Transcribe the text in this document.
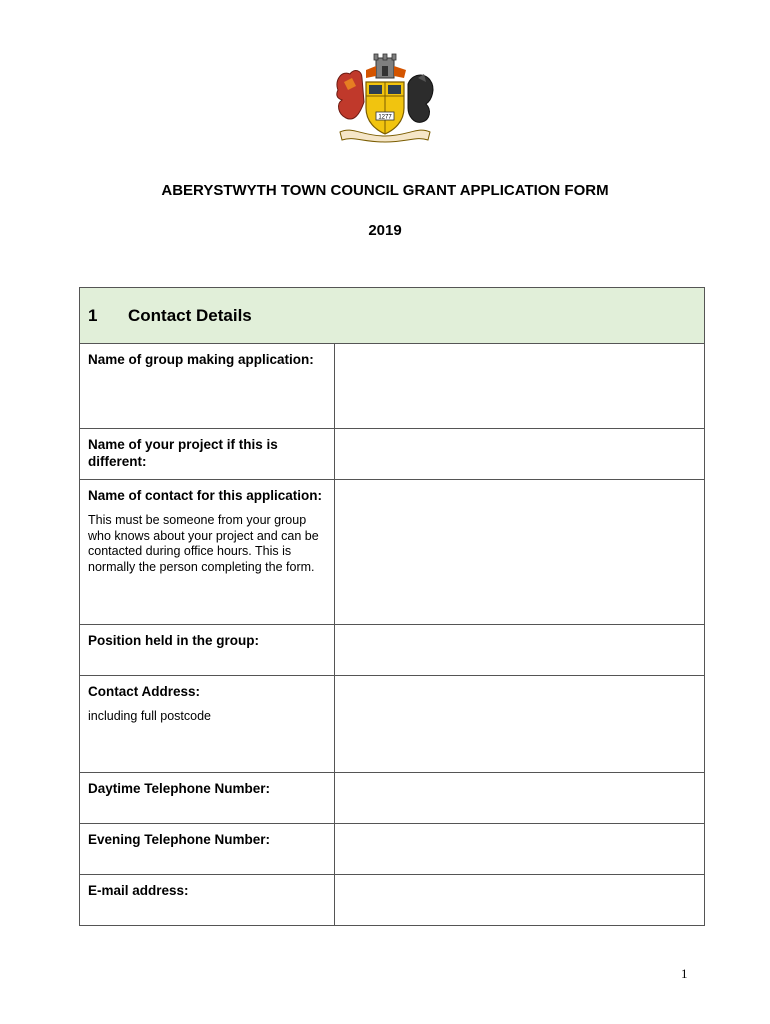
1277
ABERYSTWYTH TOWN COUNCIL GRANT APPLICATION FORM
2019
1	Contact Details
Name of group making application:
Name of your project if this is different:
Name of contact for this application:

This must be someone from your group who knows about your project and can be contacted during office hours. This is normally the person completing the form.

Position held in the group:
Contact Address:

including full postcode

Daytime Telephone Number:
Evening Telephone Number:
E-mail address:
1
